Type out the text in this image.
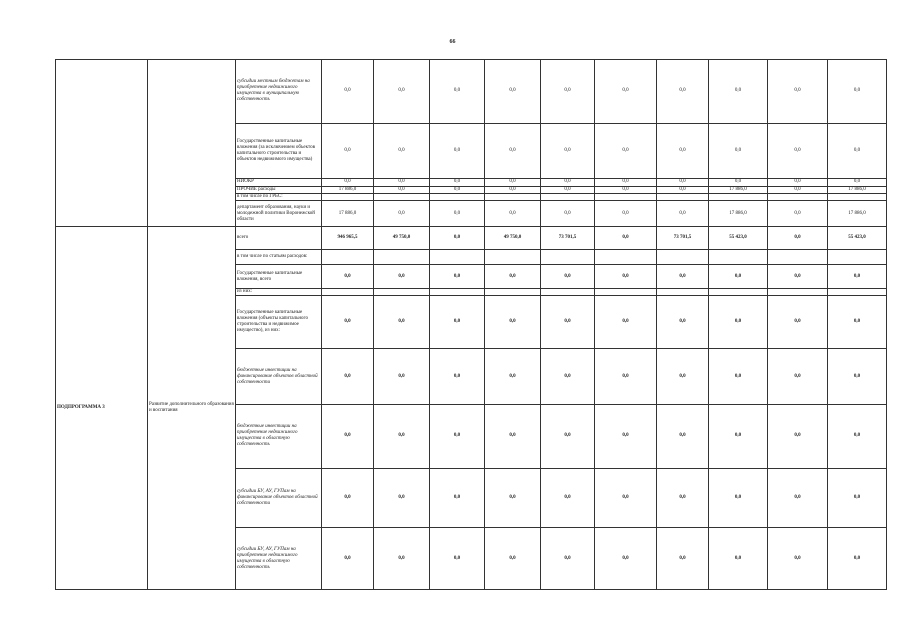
66
		субсидии местным бюджетам на приобретение недвижимого имущества в муниципальную собственность	0,0	0,0	0,0	0,0	0,0	0,0	0,0	0,0	0,0	0,0
		Государственные капитальные вложения (за исключением объектов капитального строительства и объектов недвижимого имущества)	0,0	0,0	0,0	0,0	0,0	0,0	0,0	0,0	0,0	0,0
		НИОКР	0,0	0,0	0,0	0,0	0,0	0,0	0,0	0,0	0,0	0,0
		ПРОЧИЕ расходы	17 886,0	0,0	0,0	0,0	0,0	0,0	0,0	17 886,0	0,0	17 886,0
		в том числе по ГРБС:										
		департамент образования, науки и молодежной политики Воронежской области	17 886,0	0,0	0,0	0,0	0,0	0,0	0,0	17 886,0	0,0	17 886,0
ПОДПРОГРАММА 3	Развитие дополнительного образования и воспитания	всего	946 965,5	49 750,0	0,0	49 750,0	73 701,5	0,0	73 701,5	55 423,0	0,0	55 423,0
		в том числе по статьям расходов:										
		Государственные капитальные вложения, всего	0,0	0,0	0,0	0,0	0,0	0,0	0,0	0,0	0,0	0,0
		из них:										
		Государственные капитальные вложения (объекты капитального строительства и недвижимое имущество), из них:	0,0	0,0	0,0	0,0	0,0	0,0	0,0	0,0	0,0	0,0
		бюджетные инвестиции на финансирование объектов областной собственности	0,0	0,0	0,0	0,0	0,0	0,0	0,0	0,0	0,0	0,0
		бюджетные инвестиции на приобретение недвижимого имущества в областную собственность	0,0	0,0	0,0	0,0	0,0	0,0	0,0	0,0	0,0	0,0
		субсидии БУ, АУ, ГУПам на финансирование объектов областной собственности	0,0	0,0	0,0	0,0	0,0	0,0	0,0	0,0	0,0	0,0
		субсидии БУ, АУ, ГУПам на приобретение недвижимого имущества в областную собственность	0,0	0,0	0,0	0,0	0,0	0,0	0,0	0,0	0,0	0,0
